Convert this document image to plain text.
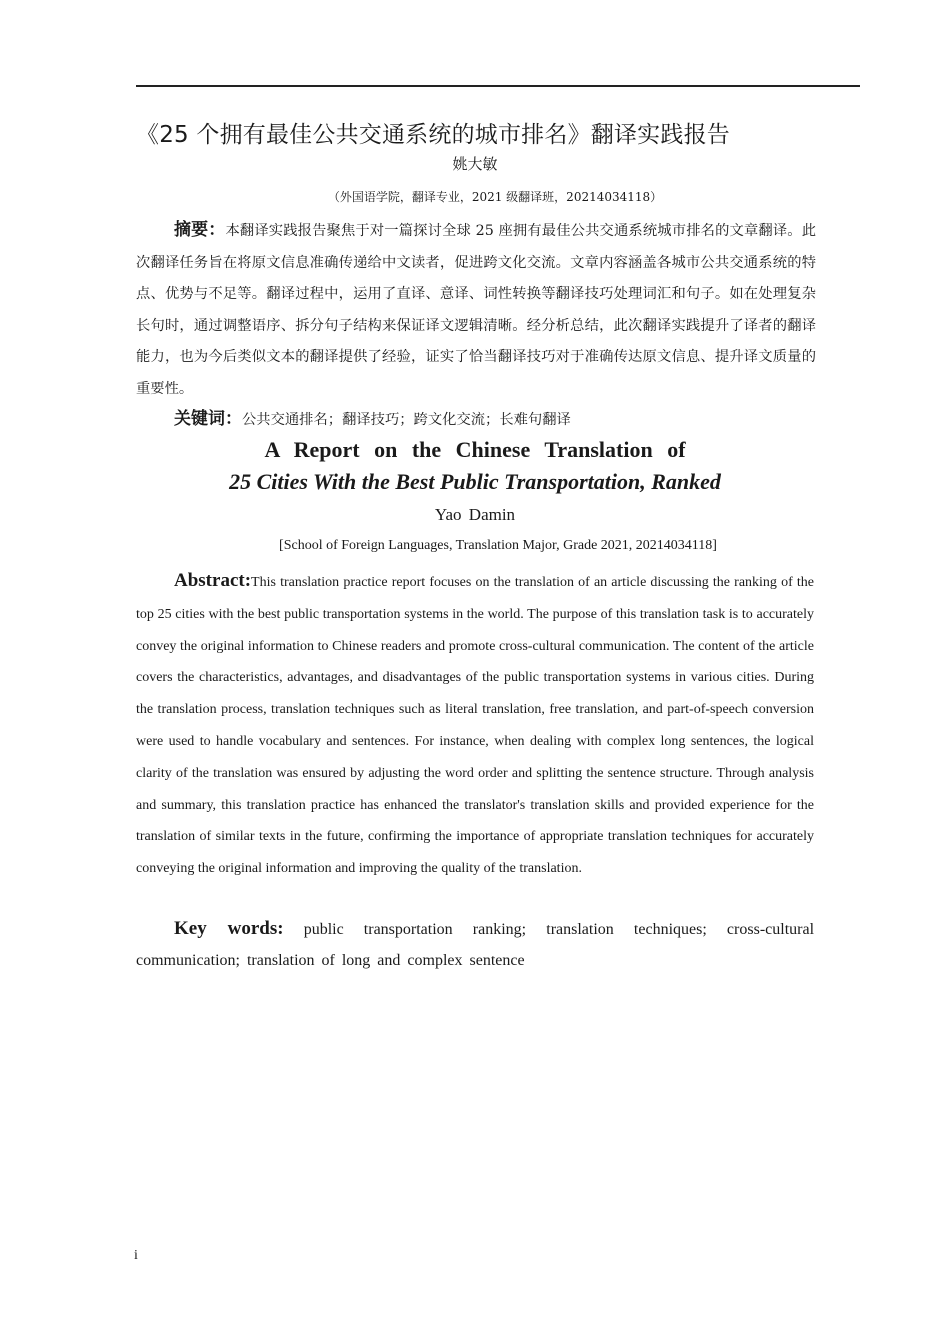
《25 个拥有最佳公共交通系统的城市排名》翻译实践报告
姚大敏
（外国语学院，翻译专业，2021 级翻译班，20214034118）
摘要：本翻译实践报告聚焦于对一篇探讨全球 25 座拥有最佳公共交通系统城市排名的文章翻译。此次翻译任务旨在将原文信息准确传递给中文读者，促进跨文化交流。文章内容涵盖各城市公共交通系统的特点、优势与不足等。翻译过程中，运用了直译、意译、词性转换等翻译技巧处理词汇和句子。如在处理复杂长句时，通过调整语序、拆分句子结构来保证译文逻辑清晰。经分析总结，此次翻译实践提升了译者的翻译能力，也为今后类似文本的翻译提供了经验，证实了恰当翻译技巧对于准确传达原文信息、提升译文质量的重要性。
关键词：公共交通排名；翻译技巧；跨文化交流；长难句翻译
A Report on the Chinese Translation of
25 Cities With the Best Public Transportation, Ranked
Yao Damin
[School of Foreign Languages, Translation Major, Grade 2021, 20214034118]
Abstract:This translation practice report focuses on the translation of an article discussing the ranking of the top 25 cities with the best public transportation systems in the world. The purpose of this translation task is to accurately convey the original information to Chinese readers and promote cross-cultural communication. The content of the article covers the characteristics, advantages, and disadvantages of the public transportation systems in various cities. During the translation process, translation techniques such as literal translation, free translation, and part-of-speech conversion were used to handle vocabulary and sentences. For instance, when dealing with complex long sentences, the logical clarity of the translation was ensured by adjusting the word order and splitting the sentence structure. Through analysis and summary, this translation practice has enhanced the translator's translation skills and provided experience for the translation of similar texts in the future, confirming the importance of appropriate translation techniques for accurately conveying the original information and improving the quality of the translation.
Key words: public transportation ranking; translation techniques; cross-cultural communication; translation of long and complex sentence
i
